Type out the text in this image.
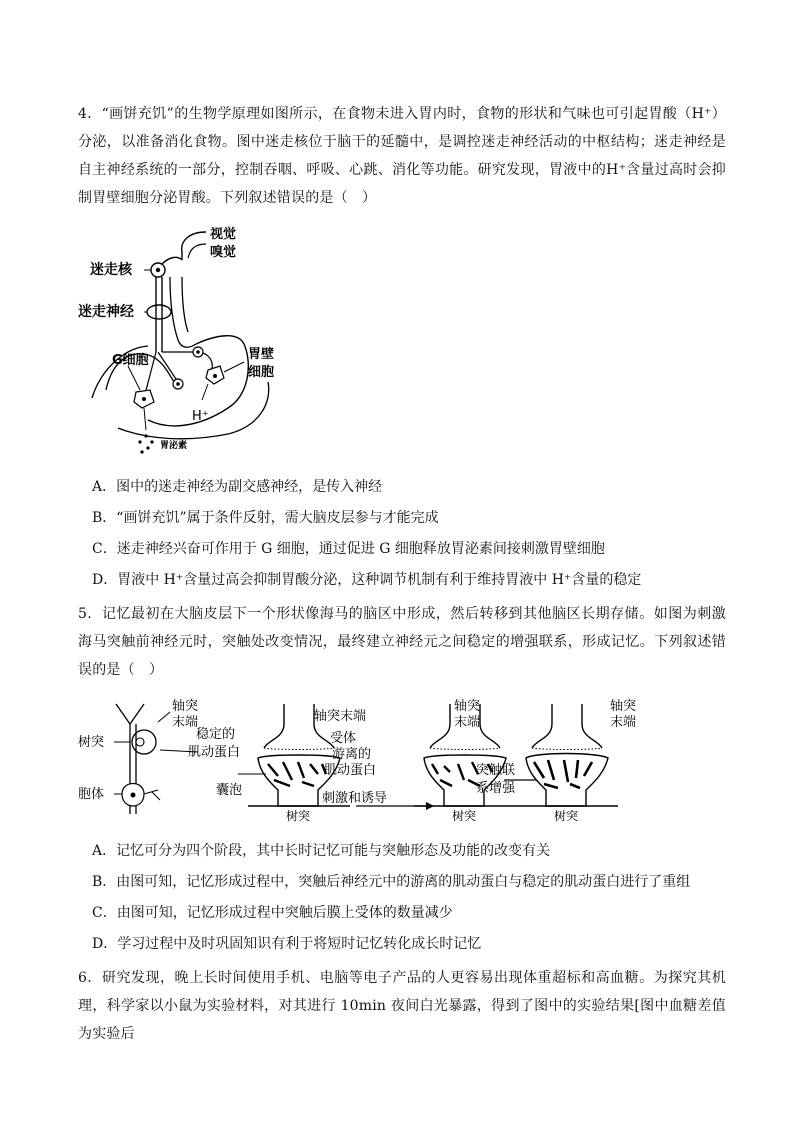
4．“画饼充饥”的生物学原理如图所示，在食物未进入胃内时，食物的形状和气味也可引起胃酸（H⁺）分泌，以准备消化食物。图中迷走核位于脑干的延髓中，是调控迷走神经活动的中枢结构；迷走神经是自主神经系统的一部分，控制吞咽、呼吸、心跳、消化等功能。研究发现，胃液中的H⁺含量过高时会抑制胃壁细胞分泌胃酸。下列叙述错误的是（　）
视觉
嗅觉
迷走核
迷走神经
G细胞	胃壁
细胞
H⁺
胃泌素
A．图中的迷走神经为副交感神经，是传入神经
B．“画饼充饥”属于条件反射，需大脑皮层参与才能完成
C．迷走神经兴奋可作用于 G 细胞，通过促进 G 细胞释放胃泌素间接刺激胃壁细胞
D．胃液中 H⁺含量过高会抑制胃酸分泌，这种调节机制有利于维持胃液中 H⁺含量的稳定
5．记忆最初在大脑皮层下一个形状像海马的脑区中形成，然后转移到其他脑区长期存储。如图为刺激海马突触前神经元时，突触处改变情况，最终建立神经元之间稳定的增强联系，形成记忆。下列叙述错误的是（　）
轴突
末端
树突
胞体
稳定的
肌动蛋白
轴突末端
受体
游离的
肌动蛋白
囊泡
刺激和诱导
树突
轴突
末端
突触联
系增强
树突
轴突
末端
树突
A．记忆可分为四个阶段，其中长时记忆可能与突触形态及功能的改变有关
B．由图可知，记忆形成过程中，突触后神经元中的游离的肌动蛋白与稳定的肌动蛋白进行了重组
C．由图可知，记忆形成过程中突触后膜上受体的数量减少
D．学习过程中及时巩固知识有利于将短时记忆转化成长时记忆
6．研究发现，晚上长时间使用手机、电脑等电子产品的人更容易出现体重超标和高血糖。为探究其机理，科学家以小鼠为实验材料，对其进行 10min 夜间白光暴露，得到了图中的实验结果[图中血糖差值为实验后
